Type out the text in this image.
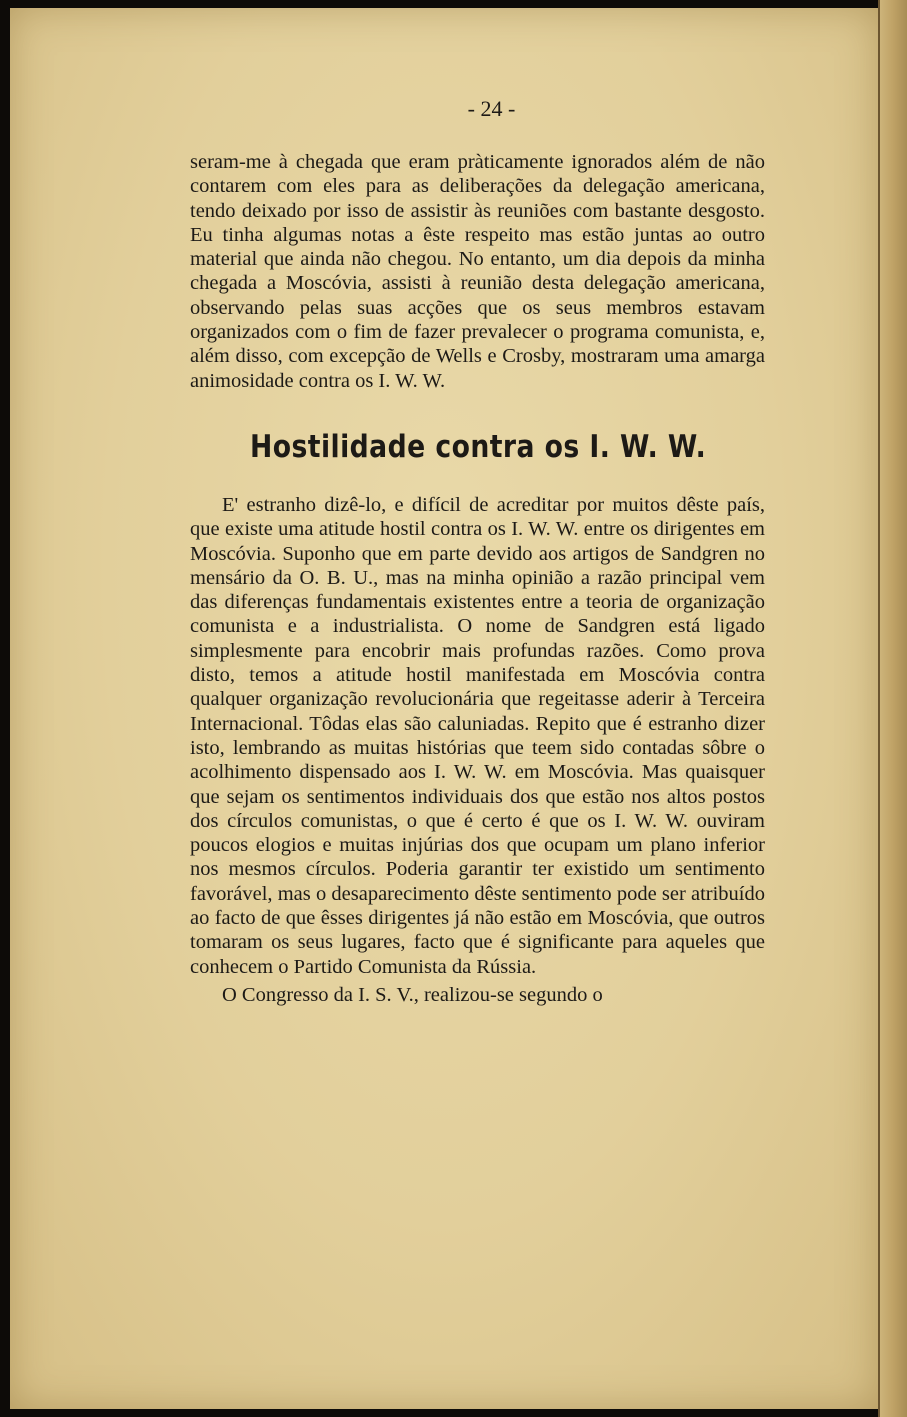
- 24 -

seram-me à chegada que eram pràticamente ignorados além de não contarem com eles para as deliberações da delegação americana, tendo deixado por isso de assistir às reuniões com bastante desgosto. Eu tinha algumas notas a êste respeito mas estão juntas ao outro material que ainda não chegou. No entanto, um dia depois da minha chegada a Moscóvia, assisti à reunião desta delegação americana, observando pelas suas acções que os seus membros estavam organizados com o fim de fazer prevalecer o programa comunista, e, além disso, com excepção de Wells e Crosby, mostraram uma amarga animosidade contra os I. W. W.

Hostilidade contra os I. W. W.

E' estranho dizê-lo, e difícil de acreditar por muitos dêste país, que existe uma atitude hostil contra os I. W. W. entre os dirigentes em Moscóvia. Suponho que em parte devido aos artigos de Sandgren no mensário da O. B. U., mas na minha opinião a razão principal vem das diferenças fundamentais existentes entre a teoria de organização comunista e a industrialista. O nome de Sandgren está ligado simplesmente para encobrir mais profundas razões. Como prova disto, temos a atitude hostil manifestada em Moscóvia contra qualquer organização revolucionária que regeitasse aderir à Terceira Internacional. Tôdas elas são caluniadas. Repito que é estranho dizer isto, lembrando as muitas histórias que teem sido contadas sôbre o acolhimento dispensado aos I. W. W. em Moscóvia. Mas quaisquer que sejam os sentimentos individuais dos que estão nos altos postos dos círculos comunistas, o que é certo é que os I. W. W. ouviram poucos elogios e muitas injúrias dos que ocupam um plano inferior nos mesmos círculos. Poderia garantir ter existido um sentimento favorável, mas o desaparecimento dêste sentimento pode ser atribuído ao facto de que êsses dirigentes já não estão em Moscóvia, que outros tomaram os seus lugares, facto que é significante para aqueles que conhecem o Partido Comunista da Rússia.

O Congresso da I. S. V., realizou-se segundo o
